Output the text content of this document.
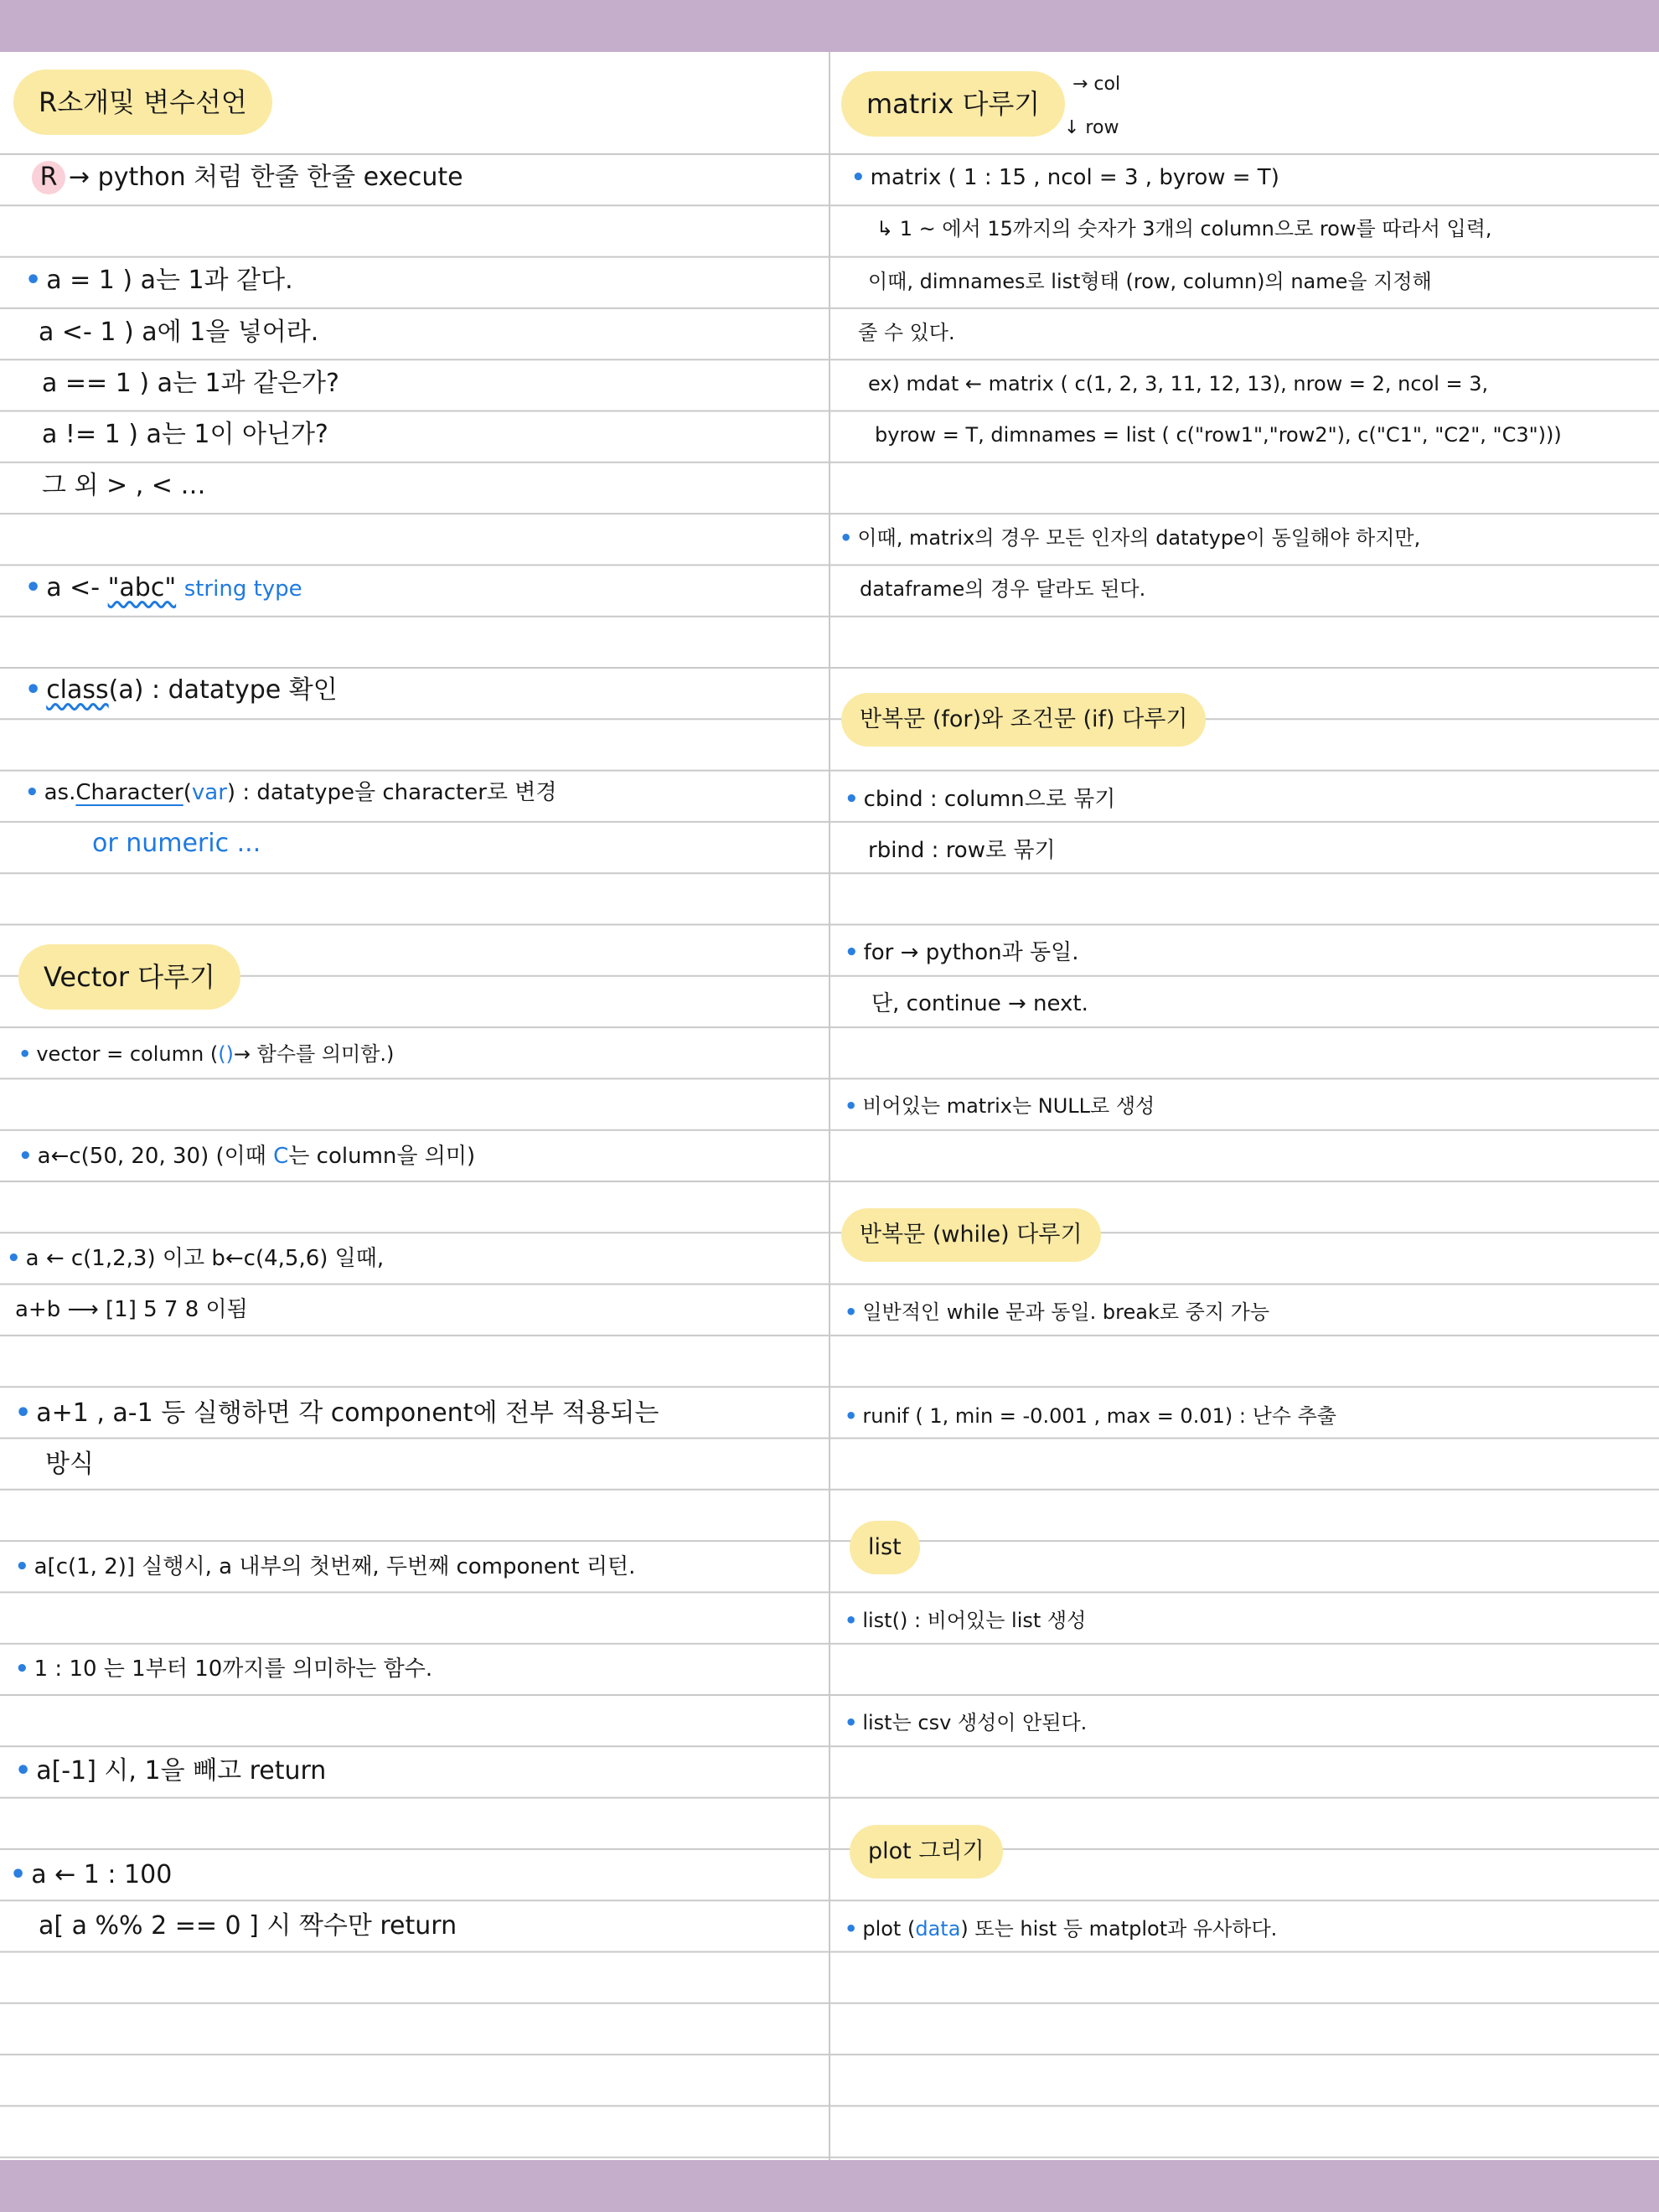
R소개및 변수선언
R → python 처럼 한줄 한줄 execute
• a = 1 ) a는 1과 같다.
a <- 1 ) a에 1을 넣어라.
a == 1 ) a는 1과 같은가?
a != 1 ) a는 1이 아닌가?
그 외 > , < …
• a <- "abc" string type
• class(a) : datatype 확인
• as.Character(var) : datatype을 character로 변경
or numeric ...
Vector 다루기
• vector = column (()→ 함수를 의미함.)
• a←c(50, 20, 30) (이때 C는 column을 의미)
• a ← c(1,2,3) 이고 b←c(4,5,6) 일때,
a+b ⟶ [1] 5 7 8 이됨
• a+1 , a-1 등 실행하면 각 component에 전부 적용되는
방식
• a[c(1, 2)] 실행시, a 내부의 첫번째, 두번째 component 리턴.
• 1 : 10 는 1부터 10까지를 의미하는 함수.
• a[-1] 시, 1을 빼고 return
• a ← 1 : 100
a[ a %% 2 == 0 ] 시 짝수만 return
matrix 다루기
→ col
↓ row
• matrix ( 1 : 15 , ncol = 3 , byrow = T)
↳ 1 ~ 에서 15까지의 숫자가 3개의 column으로 row를 따라서 입력,
이때, dimnames로 list형태 (row, column)의 name을 지정해
줄 수 있다.
ex) mdat ← matrix ( c(1, 2, 3, 11, 12, 13), nrow = 2, ncol = 3,
byrow = T, dimnames = list ( c("row1","row2"), c("C1", "C2", "C3")))
• 이때, matrix의 경우 모든 인자의 datatype이 동일해야 하지만,
dataframe의 경우 달라도 된다.
반복문 (for)와 조건문 (if) 다루기
• cbind : column으로 묶기
rbind : row로 묶기
• for → python과 동일.
단, continue → next.
• 비어있는 matrix는 NULL로 생성
반복문 (while) 다루기
• 일반적인 while 문과 동일. break로 중지 가능
• runif ( 1, min = -0.001 , max = 0.01) : 난수 추출
list
• list() : 비어있는 list 생성
• list는 csv 생성이 안된다.
plot 그리기
• plot (data) 또는 hist 등 matplot과 유사하다.
